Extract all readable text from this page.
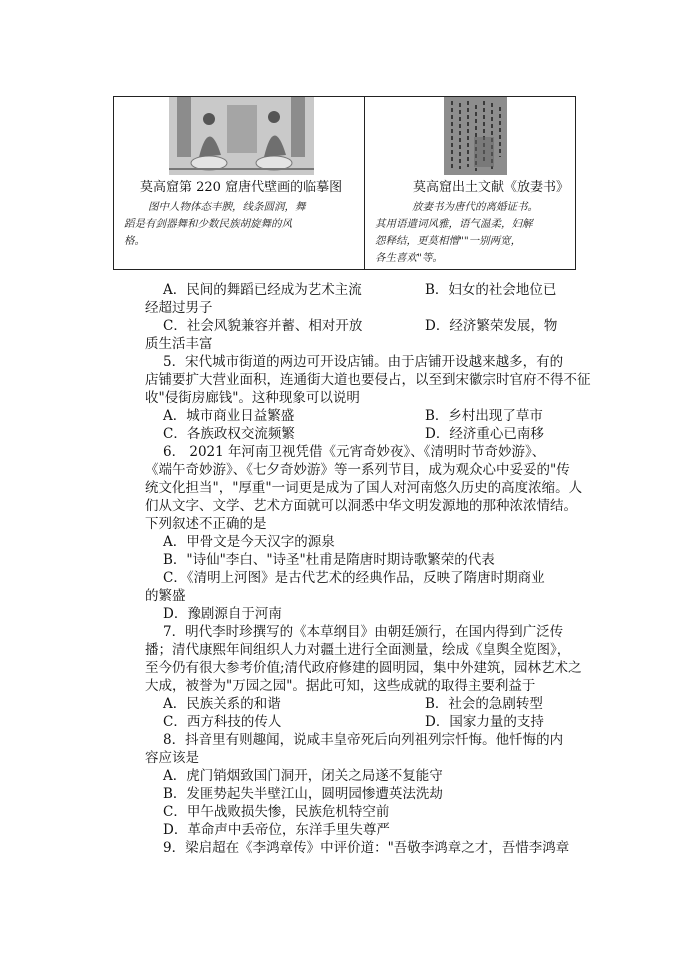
莫高窟第 220 窟唐代壁画的临摹图
图中人物体态丰腴，线条圆润，舞
蹈是有剑器舞和少数民族胡旋舞的风
格。
莫高窟出土文献《放妻书》
放妻书为唐代的离婚证书。
其用语遣词风雅，语气温柔，妇解
怨释结，更莫相憎""一别两宽，
各生喜欢"等。
A．民间的舞蹈已经成为艺术主流	B．妇女的社会地位已
经超过男子
C．社会风貌兼容并蓄、相对开放	D．经济繁荣发展，物
质生活丰富
5．宋代城市街道的两边可开设店铺。由于店铺开设越来越多，有的
店铺要扩大营业面积，连通街大道也要侵占，以至到宋徽宗时官府不得不征
收"侵街房廊钱"。这种现象可以说明
A．城市商业日益繁盛	B．乡村出现了草市
C．各族政权交流频繁	D．经济重心已南移
6． 2021 年河南卫视凭借《元宵奇妙夜》、《清明时节奇妙游》、
《端午奇妙游》、《七夕奇妙游》等一系列节目，成为观众心中妥妥的"传
统文化担当"，"厚重"一词更是成为了国人对河南悠久历史的高度浓缩。人
们从文字、文学、艺术方面就可以洞悉中华文明发源地的那种浓浓情结。
下列叙述不正确的是
A．甲骨文是今天汉字的源泉
B．"诗仙"李白、"诗圣"杜甫是隋唐时期诗歌繁荣的代表
C．《清明上河图》是古代艺术的经典作品，反映了隋唐时期商业
的繁盛
D．豫剧源自于河南
7．明代李时珍撰写的《本草纲目》由朝廷颁行，在国内得到广泛传
播；清代康熙年间组织人力对疆土进行全面测量，绘成《皇舆全览图》，
至今仍有很大参考价值;清代政府修建的圆明园，集中外建筑，园林艺术之
大成，被誉为"万园之园"。据此可知，这些成就的取得主要利益于
A．民族关系的和谐	B．社会的急剧转型
C．西方科技的传人	D．国家力量的支持
8．抖音里有则趣闻，说咸丰皇帝死后向列祖列宗忏悔。他忏悔的内
容应该是
A．虎门销烟致国门洞开，闭关之局遂不复能守
B．发匪势起失半壁江山，圆明园惨遭英法洗劫
C．甲午战败损失惨，民族危机特空前
D．革命声中丢帝位，东洋手里失尊严
9．梁启超在《李鸿章传》中评价道："吾敬李鸿章之才，吾惜李鸿章
